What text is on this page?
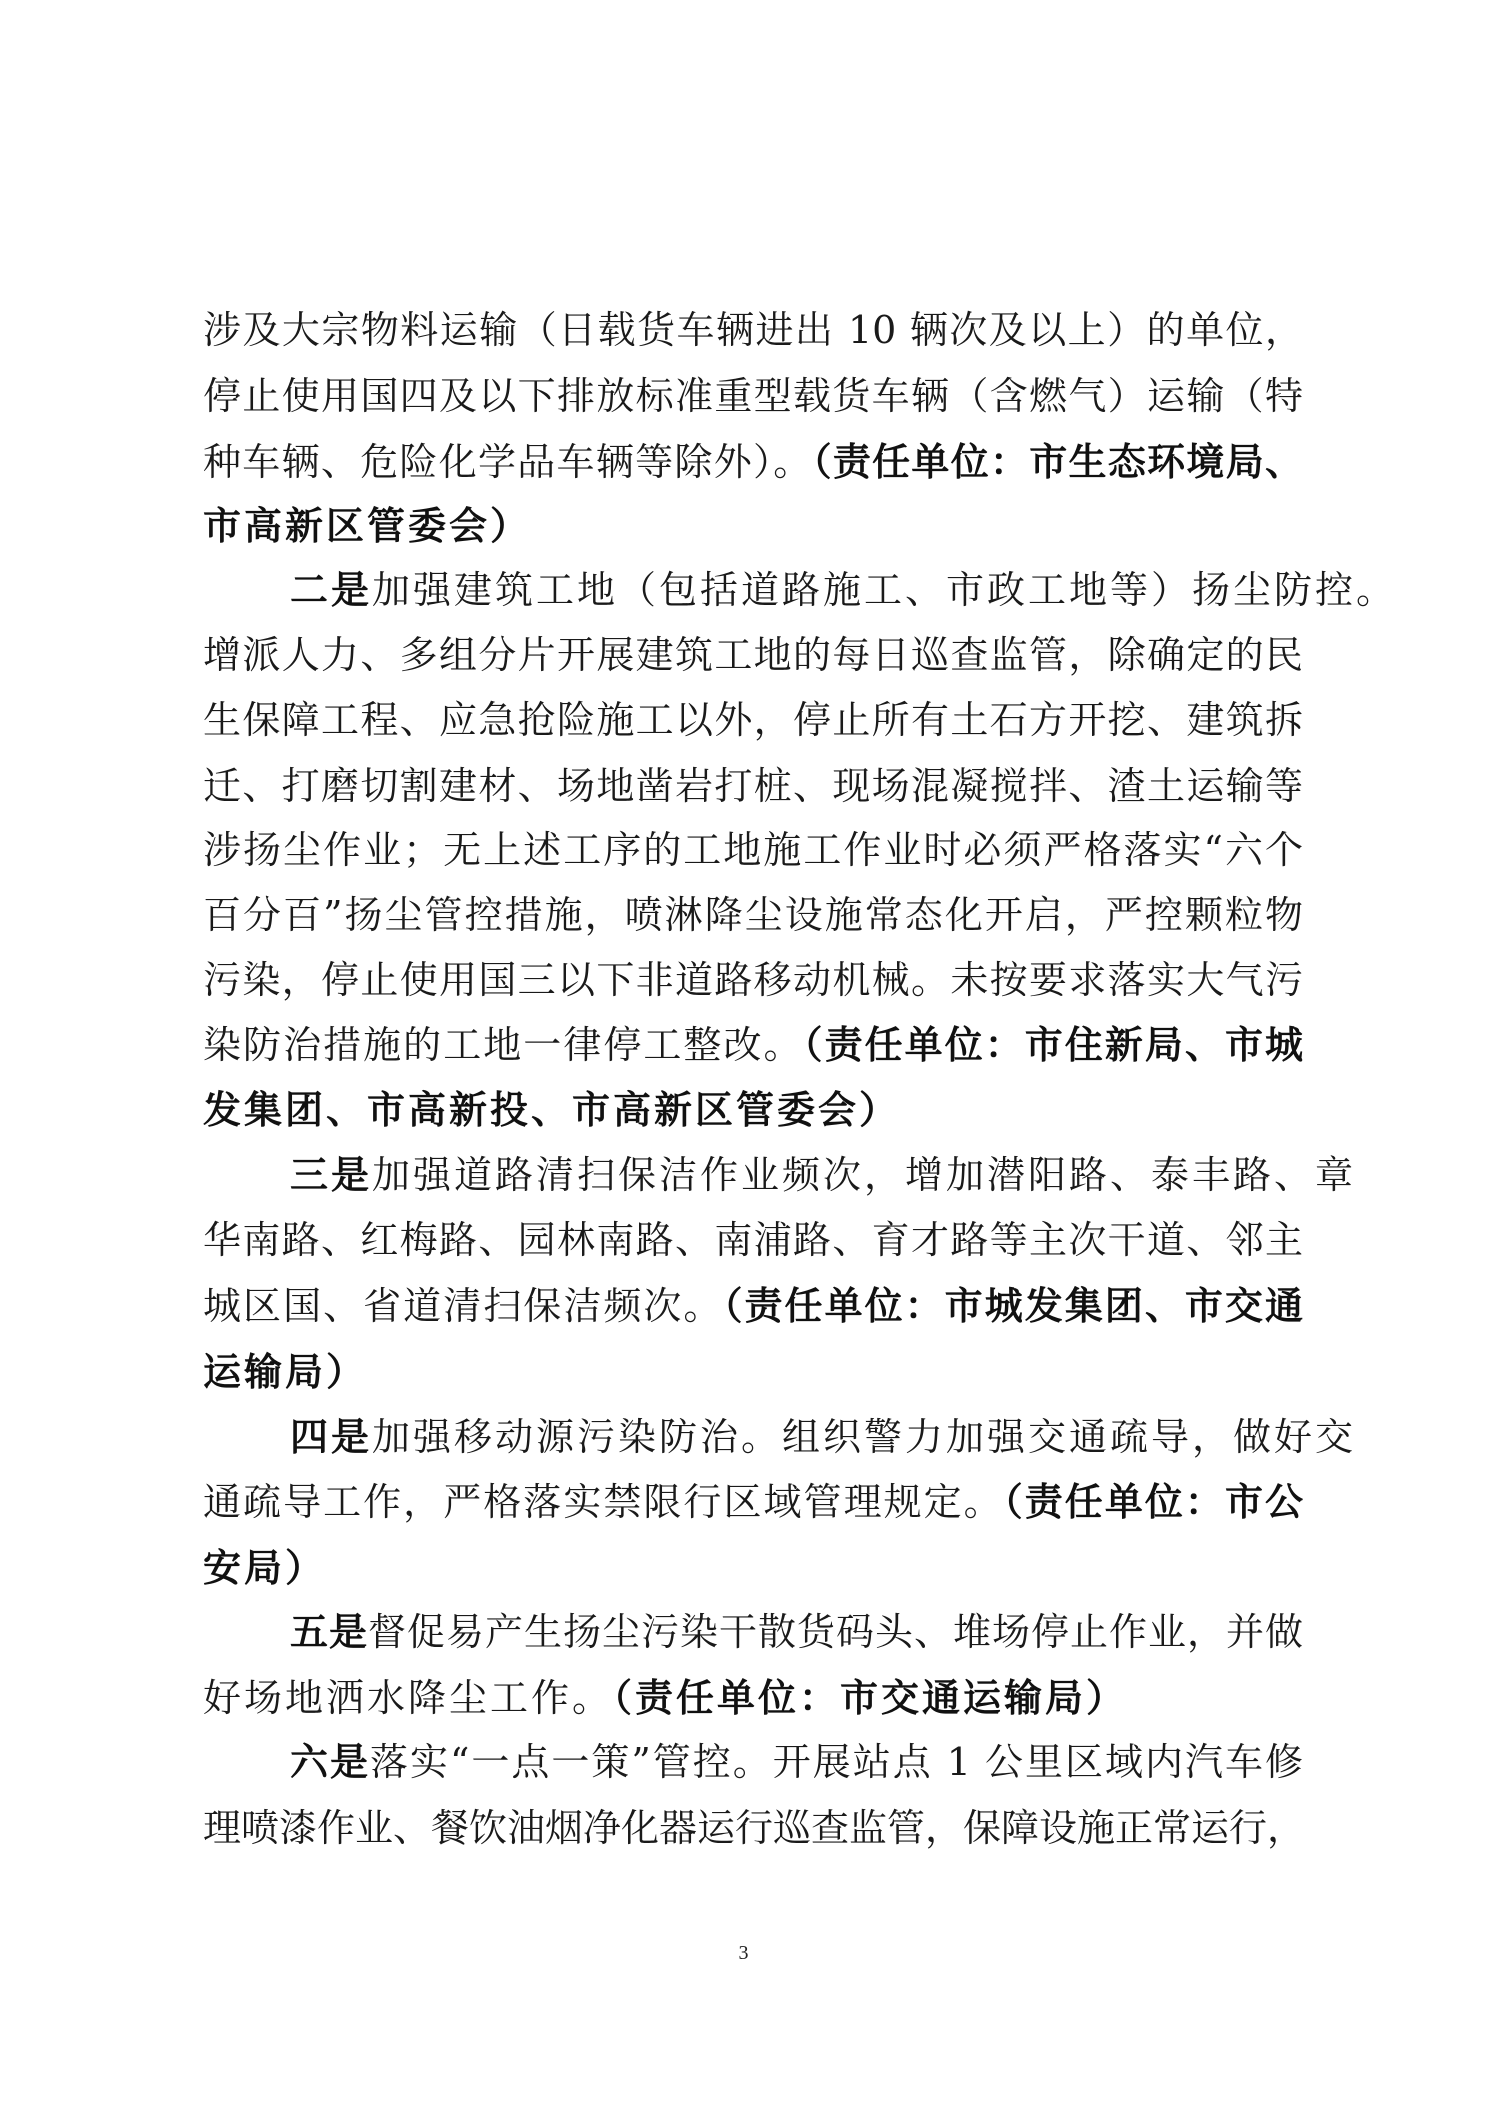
涉及大宗物料运输（日载货车辆进出 10 辆次及以上）的单位，
停止使用国四及以下排放标准重型载货车辆（含燃气）运输（特
种车辆、危险化学品车辆等除外）。（责任单位：市生态环境局、
市高新区管委会）
二是加强建筑工地（包括道路施工、市政工地等）扬尘防控。
增派人力、多组分片开展建筑工地的每日巡查监管，除确定的民
生保障工程、应急抢险施工以外，停止所有土石方开挖、建筑拆
迁、打磨切割建材、场地凿岩打桩、现场混凝搅拌、渣土运输等
涉扬尘作业；无上述工序的工地施工作业时必须严格落实“六个
百分百”扬尘管控措施，喷淋降尘设施常态化开启，严控颗粒物
污染，停止使用国三以下非道路移动机械。未按要求落实大气污
染防治措施的工地一律停工整改。（责任单位：市住新局、市城
发集团、市高新投、市高新区管委会）
三是加强道路清扫保洁作业频次，增加潜阳路、泰丰路、章
华南路、红梅路、园林南路、南浦路、育才路等主次干道、邻主
城区国、省道清扫保洁频次。（责任单位：市城发集团、市交通
运输局）
四是加强移动源污染防治。组织警力加强交通疏导，做好交
通疏导工作，严格落实禁限行区域管理规定。（责任单位：市公
安局）
五是督促易产生扬尘污染干散货码头、堆场停止作业，并做
好场地洒水降尘工作。（责任单位：市交通运输局）
六是落实“一点一策”管控。开展站点 1 公里区域内汽车修
理喷漆作业、餐饮油烟净化器运行巡查监管，保障设施正常运行，
3
